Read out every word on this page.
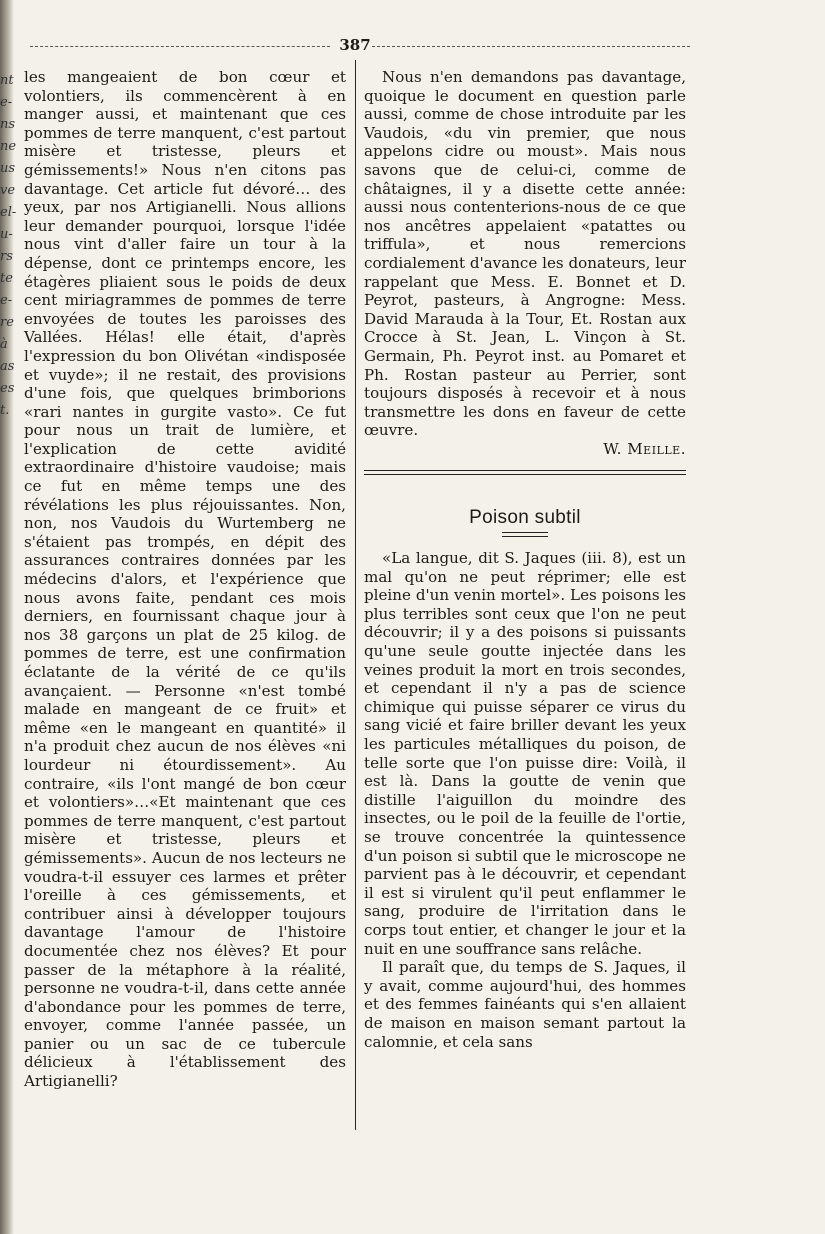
nt e- ns ne us ve el- u- rs te e- re à as es t.
387

les mangeaient de bon cœur et volontiers, ils commencèrent à en manger aussi, et maintenant que ces pommes de terre manquent, c'est partout misère et tristesse, pleurs et gémissements!» Nous n'en citons pas davantage. Cet article fut dévoré… des yeux, par nos Artigianelli. Nous allions leur demander pourquoi, lorsque l'idée nous vint d'aller faire un tour à la dépense, dont ce printemps encore, les étagères pliaient sous le poids de deux cent miriagrammes de pommes de terre envoyées de toutes les paroisses des Vallées. Hélas! elle était, d'après l'expression du bon Olivétan «indisposée et vuyde»; il ne restait, des provisions d'une fois, que quelques brimborions «rari nantes in gurgite vasto». Ce fut pour nous un trait de lumière, et l'explication de cette avidité extraordinaire d'histoire vaudoise; mais ce fut en même temps une des révélations les plus réjouissantes. Non, non, nos Vaudois du Wurtemberg ne s'étaient pas trompés, en dépit des assurances contraires données par les médecins d'alors, et l'expérience que nous avons faite, pendant ces mois derniers, en fournissant chaque jour à nos 38 garçons un plat de 25 kilog. de pommes de terre, est une confirmation éclatante de la vérité de ce qu'ils avançaient. — Personne «n'est tombé malade en mangeant de ce fruit» et même «en le mangeant en quantité» il n'a produit chez aucun de nos élèves «ni lourdeur ni étourdissement». Au contraire, «ils l'ont mangé de bon cœur et volontiers»…«Et maintenant que ces pommes de terre manquent, c'est partout misère et tristesse, pleurs et gémissements». Aucun de nos lecteurs ne voudra-t-il essuyer ces larmes et prêter l'oreille à ces gémissements, et contribuer ainsi à développer toujours davantage l'amour de l'histoire documentée chez nos élèves? Et pour passer de la métaphore à la réalité, personne ne voudra-t-il, dans cette année d'abondance pour les pommes de terre, envoyer, comme l'année passée, un panier ou un sac de ce tubercule délicieux à l'établissement des Artigianelli?

Nous n'en demandons pas davantage, quoique le document en question parle aussi, comme de chose introduite par les Vaudois, «du vin premier, que nous appelons cidre ou moust». Mais nous savons que de celui-ci, comme de châtaignes, il y a disette cette année: aussi nous contenterions-nous de ce que nos ancêtres appelaient «patattes ou triffula», et nous remercions cordialement d'avance les donateurs, leur rappelant que Mess. E. Bonnet et D. Peyrot, pasteurs, à Angrogne: Mess. David Marauda à la Tour, Et. Rostan aux Crocce à St. Jean, L. Vinçon à St. Germain, Ph. Peyrot inst. au Pomaret et Ph. Rostan pasteur au Perrier, sont toujours disposés à recevoir et à nous transmettre les dons en faveur de cette œuvre.

W. Meille.
Poison subtil

«La langue, dit S. Jaques (iii. 8), est un mal qu'on ne peut réprimer; elle est pleine d'un venin mortel». Les poisons les plus terribles sont ceux que l'on ne peut découvrir; il y a des poisons si puissants qu'une seule goutte injectée dans les veines produit la mort en trois secondes, et cependant il n'y a pas de science chimique qui puisse séparer ce virus du sang vicié et faire briller devant les yeux les particules métalliques du poison, de telle sorte que l'on puisse dire: Voilà, il est là. Dans la goutte de venin que distille l'aiguillon du moindre des insectes, ou le poil de la feuille de l'ortie, se trouve concentrée la quintessence d'un poison si subtil que le microscope ne parvient pas à le découvrir, et cependant il est si virulent qu'il peut enflammer le sang, produire de l'irritation dans le corps tout entier, et changer le jour et la nuit en une souffrance sans relâche.

Il paraît que, du temps de S. Jaques, il y avait, comme aujourd'hui, des hommes et des femmes fainéants qui s'en allaient de maison en maison semant partout la calomnie, et cela sans
